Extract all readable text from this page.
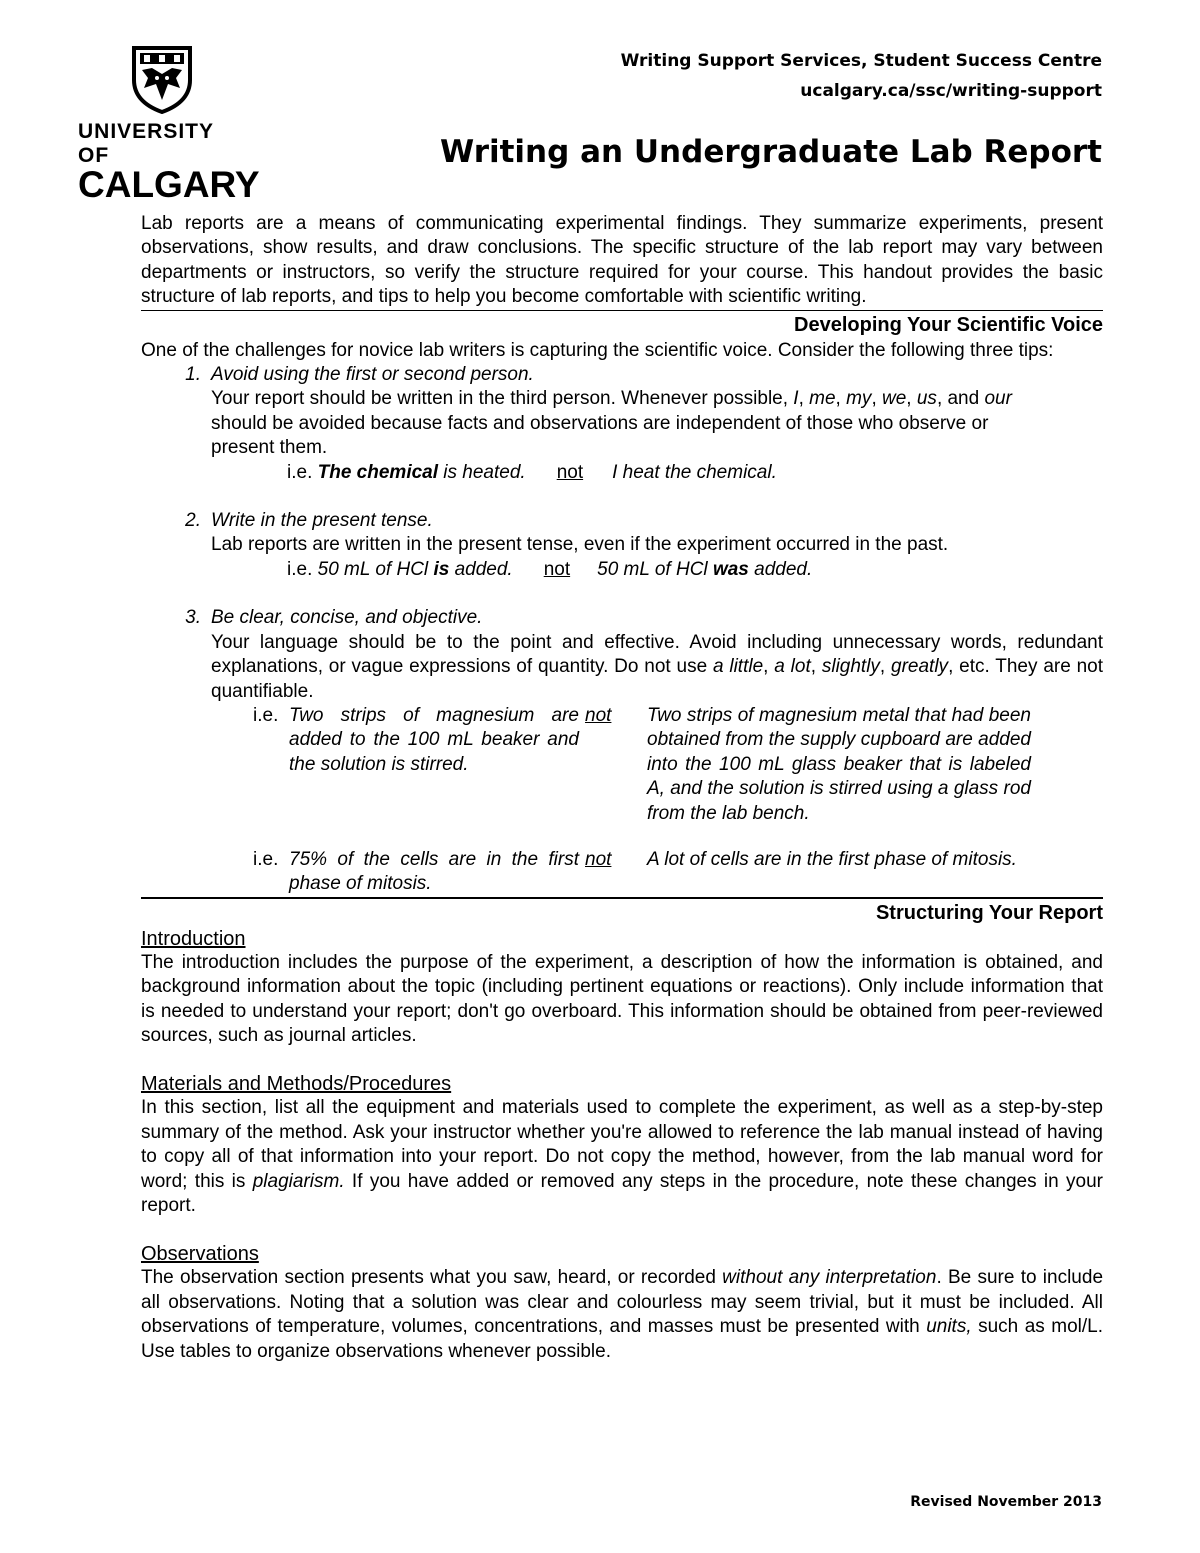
UNIVERSITY OF
CALGARY
Writing Support Services, Student Success Centre
ucalgary.ca/ssc/writing-support
Writing an Undergraduate Lab Report

Lab reports are a means of communicating experimental findings. They summarize experiments, present observations, show results, and draw conclusions. The specific structure of the lab report may vary between departments or instructors, so verify the structure required for your course. This handout provides the basic structure of lab reports, and tips to help you become comfortable with scientific writing.

Developing Your Scientific Voice

One of the challenges for novice lab writers is capturing the scientific voice. Consider the following three tips:

1. Avoid using the first or second person.
Your report should be written in the third person. Whenever possible, I, me, my, we, us, and our should be avoided because facts and observations are independent of those who observe or present them.
i.e. The chemical is heated. not I heat the chemical.
2. Write in the present tense.
Lab reports are written in the present tense, even if the experiment occurred in the past.
i.e. 50 mL of HCl is added. not 50 mL of HCl was added.
3. Be clear, concise, and objective.
Your language should be to the point and effective. Avoid including unnecessary words, redundant explanations, or vague expressions of quantity. Do not use a little, a lot, slightly, greatly, etc. They are not quantifiable.
i.e. Two strips of magnesium are added to the 100 mL beaker and the solution is stirred.
not	Two strips of magnesium metal that had been obtained from the supply cupboard are added into the 100 mL glass beaker that is labeled A, and the solution is stirred using a glass rod from the lab bench.
i.e. 75% of the cells are in the first phase of mitosis.
not	A lot of cells are in the first phase of mitosis.
Structuring Your Report
Introduction

The introduction includes the purpose of the experiment, a description of how the information is obtained, and background information about the topic (including pertinent equations or reactions). Only include information that is needed to understand your report; don't go overboard. This information should be obtained from peer-reviewed sources, such as journal articles.

Materials and Methods/Procedures

In this section, list all the equipment and materials used to complete the experiment, as well as a step-by-step summary of the method. Ask your instructor whether you're allowed to reference the lab manual instead of having to copy all of that information into your report. Do not copy the method, however, from the lab manual word for word; this is plagiarism. If you have added or removed any steps in the procedure, note these changes in your report.

Observations

The observation section presents what you saw, heard, or recorded without any interpretation. Be sure to include all observations. Noting that a solution was clear and colourless may seem trivial, but it must be included. All observations of temperature, volumes, concentrations, and masses must be presented with units, such as mol/L. Use tables to organize observations whenever possible.

Revised November 2013
